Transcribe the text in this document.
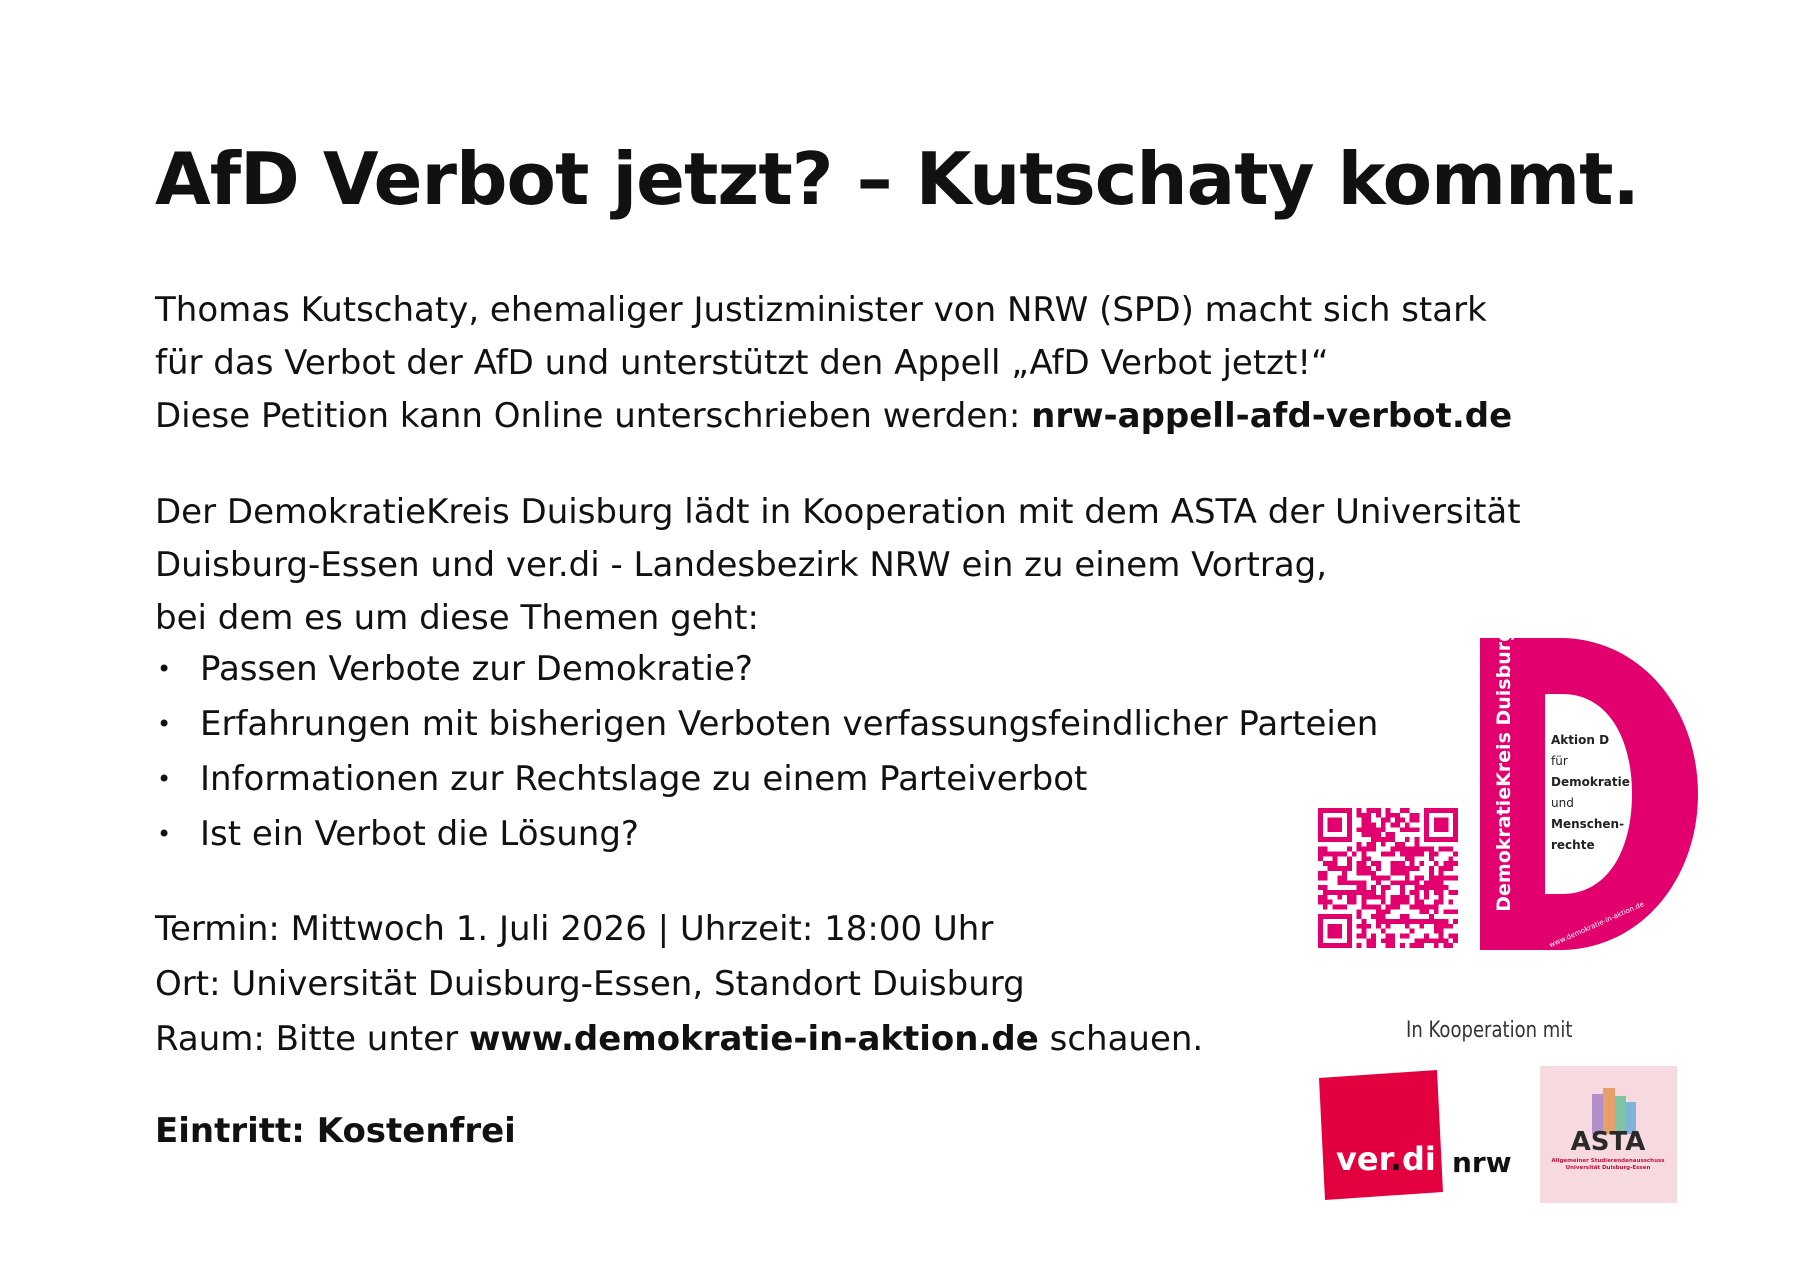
AfD Verbot jetzt? – Kutschaty kommt.
Thomas Kutschaty, ehemaliger Justizminister von NRW (SPD) macht sich stark
für das Verbot der AfD und unterstützt den Appell „AfD Verbot jetzt!“
Diese Petition kann Online unterschrieben werden: nrw-appell-afd-verbot.de
Der DemokratieKreis Duisburg lädt in Kooperation mit dem ASTA der Universität
Duisburg-Essen und ver.di - Landesbezirk NRW ein zu einem Vortrag,
bei dem es um diese Themen geht:
• Passen Verbote zur Demokratie?
• Erfahrungen mit bisherigen Verboten verfassungsfeindlicher Parteien
• Informationen zur Rechtslage zu einem Parteiverbot
• Ist ein Verbot die Lösung?
Termin: Mittwoch 1. Juli 2026 | Uhrzeit: 18:00 Uhr
Ort: Universität Duisburg-Essen, Standort Duisburg
Raum: Bitte unter www.demokratie-in-aktion.de schauen.
Eintritt: Kostenfrei
DemokratieKreis Duisburg	Aktion D
für
Demokratie
und
Menschen-
rechte
www.demokratie-in-aktion.de
In Kooperation mit
ver.di nrw
ASTA
Allgemeiner Studierendenausschuss
Universität Duisburg-Essen
